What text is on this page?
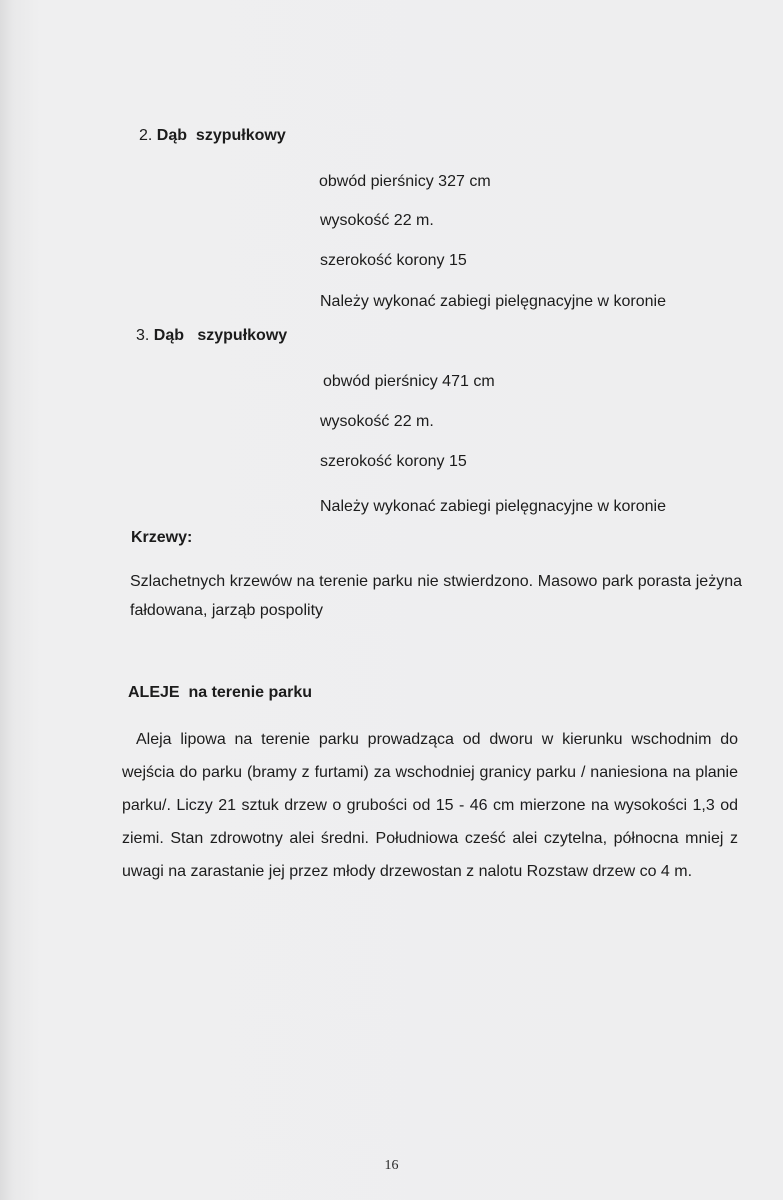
2. Dąb  szypułkowy
obwód pierśnicy 327 cm
wysokość 22 m.
szerokość korony 15
Należy wykonać zabiegi pielęgnacyjne w koronie
3. Dąb   szypułkowy
obwód pierśnicy 471 cm
wysokość 22 m.
szerokość korony 15
Należy wykonać zabiegi pielęgnacyjne w koronie
Krzewy:

Szlachetnych krzewów na terenie parku nie stwierdzono. Masowo park porasta jeżyna fałdowana, jarząb pospolity

ALEJE  na terenie parku

Aleja lipowa na terenie parku prowadząca od dworu w kierunku wschodnim do wejścia do parku (bramy z furtami) za wschodniej granicy parku / naniesiona na planie parku/. Liczy 21 sztuk drzew o grubości od 15 - 46 cm mierzone na wysokości 1,3 od ziemi. Stan zdrowotny alei średni. Południowa cześć alei czytelna, północna mniej z uwagi na zarastanie jej przez młody drzewostan z nalotu Rozstaw drzew co 4 m.

16
